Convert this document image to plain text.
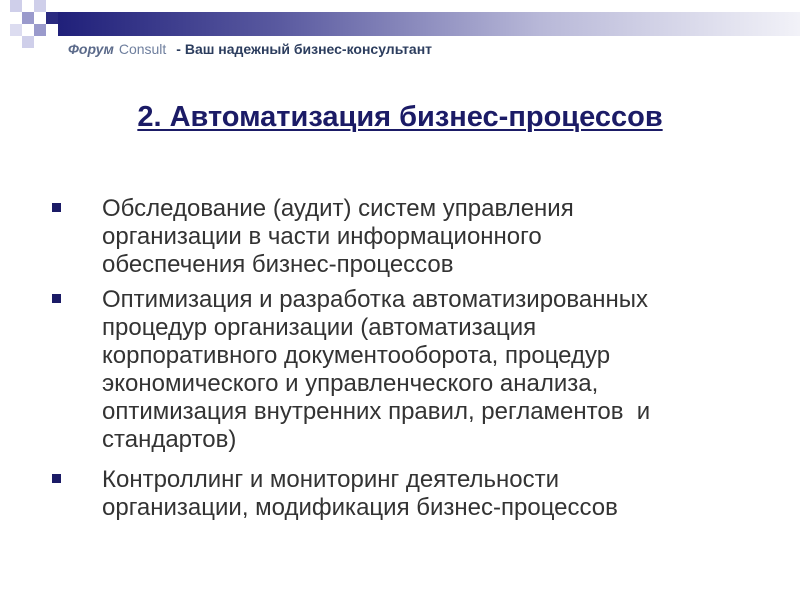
Форум Consult - Ваш надежный бизнес-консультант
2. Автоматизация бизнес-процессов
Обследование (аудит) систем управления
организации в части информационного
обеспечения бизнес-процессов
Оптимизация и разработка автоматизированных
процедур организации (автоматизация
корпоративного документооборота, процедур
экономического и управленческого анализа,
оптимизация внутренних правил, регламентов  и
стандартов)
Контроллинг и мониторинг деятельности
организации, модификация бизнес-процессов
